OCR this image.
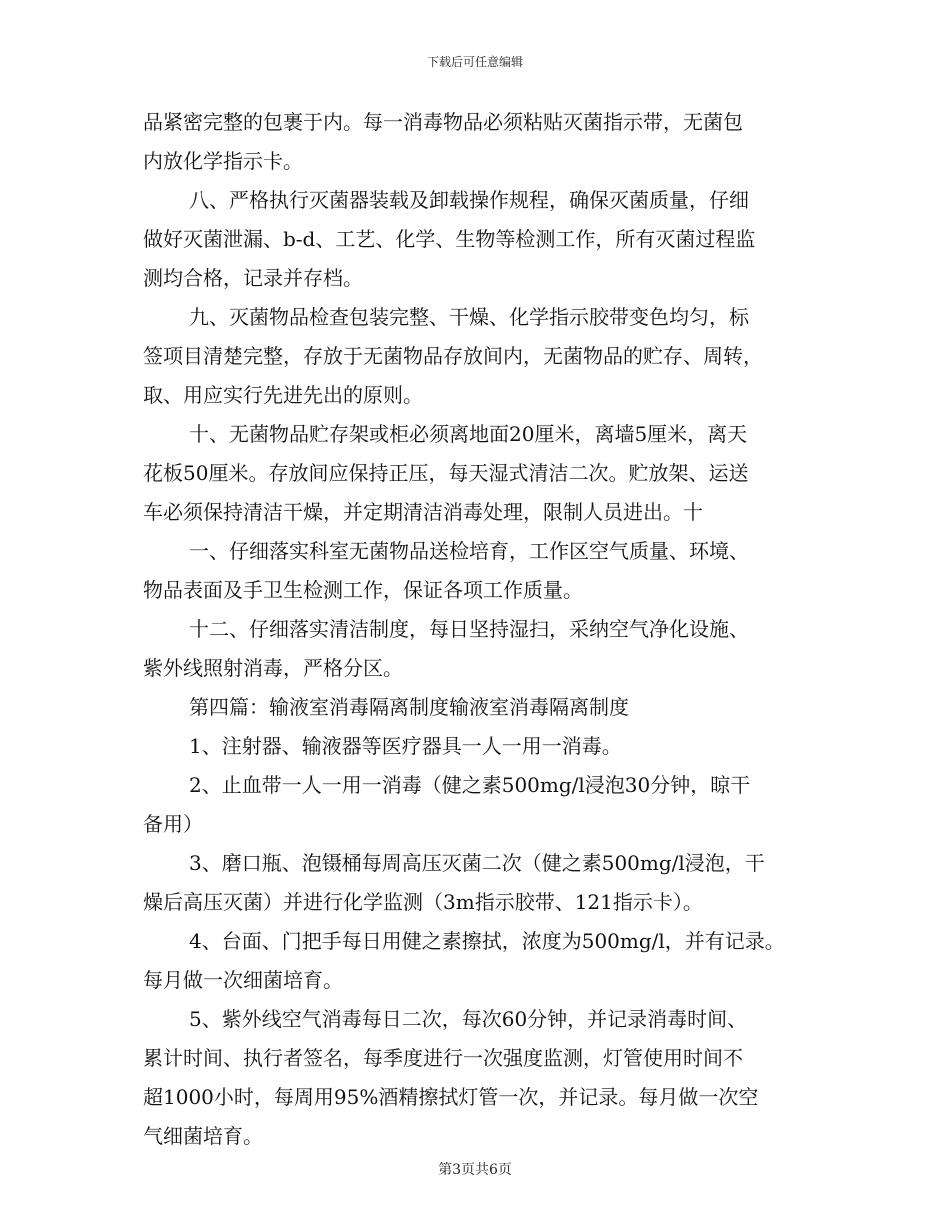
下载后可任意编辑
品紧密完整的包裹于内。每一消毒物品必须粘贴灭菌指示带，无菌包
内放化学指示卡。
八、严格执行灭菌器装载及卸载操作规程，确保灭菌质量，仔细
做好灭菌泄漏、b-d、工艺、化学、生物等检测工作，所有灭菌过程监
测均合格，记录并存档。
九、灭菌物品检查包装完整、干燥、化学指示胶带变色均匀，标
签项目清楚完整，存放于无菌物品存放间内，无菌物品的贮存、周转，
取、用应实行先进先出的原则。
十、无菌物品贮存架或柜必须离地面20厘米，离墙5厘米，离天
花板50厘米。存放间应保持正压，每天湿式清洁二次。贮放架、运送
车必须保持清洁干燥，并定期清洁消毒处理，限制人员进出。十
一、仔细落实科室无菌物品送检培育，工作区空气质量、环境、
物品表面及手卫生检测工作，保证各项工作质量。
十二、仔细落实清洁制度，每日坚持湿扫，采纳空气净化设施、
紫外线照射消毒，严格分区。
第四篇：输液室消毒隔离制度输液室消毒隔离制度
1、注射器、输液器等医疗器具一人一用一消毒。
2、止血带一人一用一消毒（健之素500mg/l浸泡30分钟，晾干
备用）
3、磨口瓶、泡镊桶每周高压灭菌二次（健之素500mg/l浸泡，干
燥后高压灭菌）并进行化学监测（3m指示胶带、121指示卡）。
4、台面、门把手每日用健之素擦拭，浓度为500mg/l，并有记录。
每月做一次细菌培育。
5、紫外线空气消毒每日二次，每次60分钟，并记录消毒时间、
累计时间、执行者签名，每季度进行一次强度监测，灯管使用时间不
超1000小时，每周用95%酒精擦拭灯管一次，并记录。每月做一次空
气细菌培育。
第3页共6页
